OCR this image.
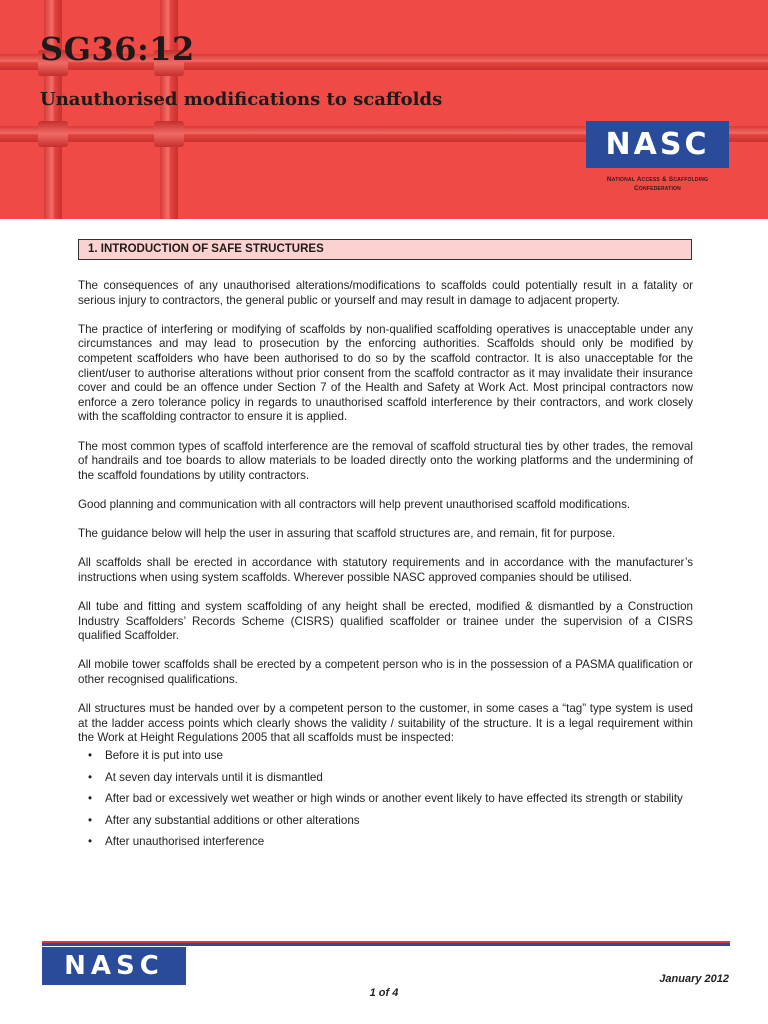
SG36:12
Unauthorised modifications to scaffolds
NASC
National Access & Scaffolding
Confederation
1. INTRODUCTION OF SAFE STRUCTURES

The consequences of any unauthorised alterations/modifications to scaffolds could potentially result in a fatality or serious injury to contractors, the general public or yourself and may result in damage to adjacent property.

The practice of interfering or modifying of scaffolds by non-qualified scaffolding operatives is unacceptable under any circumstances and may lead to prosecution by the enforcing authorities. Scaffolds should only be modified by competent scaffolders who have been authorised to do so by the scaffold contractor. It is also unacceptable for the client/user to authorise alterations without prior consent from the scaffold contractor as it may invalidate their insurance cover and could be an offence under Section 7 of the Health and Safety at Work Act. Most principal contractors now enforce a zero tolerance policy in regards to unauthorised scaffold interference by their contractors, and work closely with the scaffolding contractor to ensure it is applied.

The most common types of scaffold interference are the removal of scaffold structural ties by other trades, the removal of handrails and toe boards to allow materials to be loaded directly onto the working platforms and the undermining of the scaffold foundations by utility contractors.

Good planning and communication with all contractors will help prevent unauthorised scaffold modifications.

The guidance below will help the user in assuring that scaffold structures are, and remain, fit for purpose.

All scaffolds shall be erected in accordance with statutory requirements and in accordance with the manufacturer’s instructions when using system scaffolds. Wherever possible NASC approved companies should be utilised.

All tube and fitting and system scaffolding of any height shall be erected, modified & dismantled by a Construction Industry Scaffolders’ Records Scheme (CISRS) qualified scaffolder or trainee under the supervision of a CISRS qualified Scaffolder.

All mobile tower scaffolds shall be erected by a competent person who is in the possession of a PASMA qualification or other recognised qualifications.

All structures must be handed over by a competent person to the customer, in some cases a “tag” type system is used at the ladder access points which clearly shows the validity / suitability of the structure. It is a legal requirement within the Work at Height Regulations 2005 that all scaffolds must be inspected:

• Before it is put into use
• At seven day intervals until it is dismantled
• After bad or excessively wet weather or high winds or another event likely to have effected its strength or stability
• After any substantial additions or other alterations
• After unauthorised interference
NASC	January 2012
1 of 4
